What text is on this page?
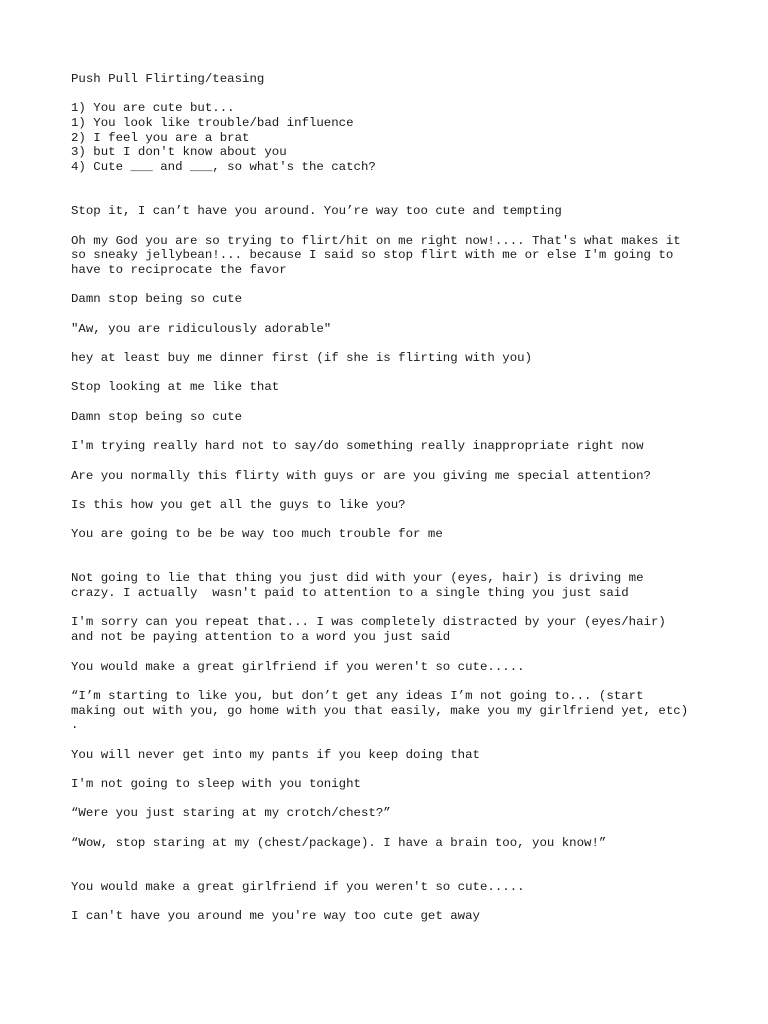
Push Pull Flirting/teasing
1) You are cute but...
1) You look like trouble/bad influence
2) I feel you are a brat
3) but I don't know about you
4) Cute ___ and ___, so what's the catch?
Stop it, I can’t have you around. You’re way too cute and tempting
Oh my God you are so trying to flirt/hit on me right now!.... That's what makes it
so sneaky jellybean!... because I said so stop flirt with me or else I'm going to
have to reciprocate the favor
Damn stop being so cute
"Aw, you are ridiculously adorable"
hey at least buy me dinner first (if she is flirting with you)
Stop looking at me like that
Damn stop being so cute
I'm trying really hard not to say/do something really inappropriate right now
Are you normally this flirty with guys or are you giving me special attention?
Is this how you get all the guys to like you?
You are going to be be way too much trouble for me
Not going to lie that thing you just did with your (eyes, hair) is driving me
crazy. I actually  wasn't paid to attention to a single thing you just said
I'm sorry can you repeat that... I was completely distracted by your (eyes/hair)
and not be paying attention to a word you just said
You would make a great girlfriend if you weren't so cute.....
“I’m starting to like you, but don’t get any ideas I’m not going to... (start
making out with you, go home with you that easily, make you my girlfriend yet, etc)
.
You will never get into my pants if you keep doing that
I'm not going to sleep with you tonight
“Were you just staring at my crotch/chest?”
“Wow, stop staring at my (chest/package). I have a brain too, you know!”
You would make a great girlfriend if you weren't so cute.....
I can't have you around me you're way too cute get away
